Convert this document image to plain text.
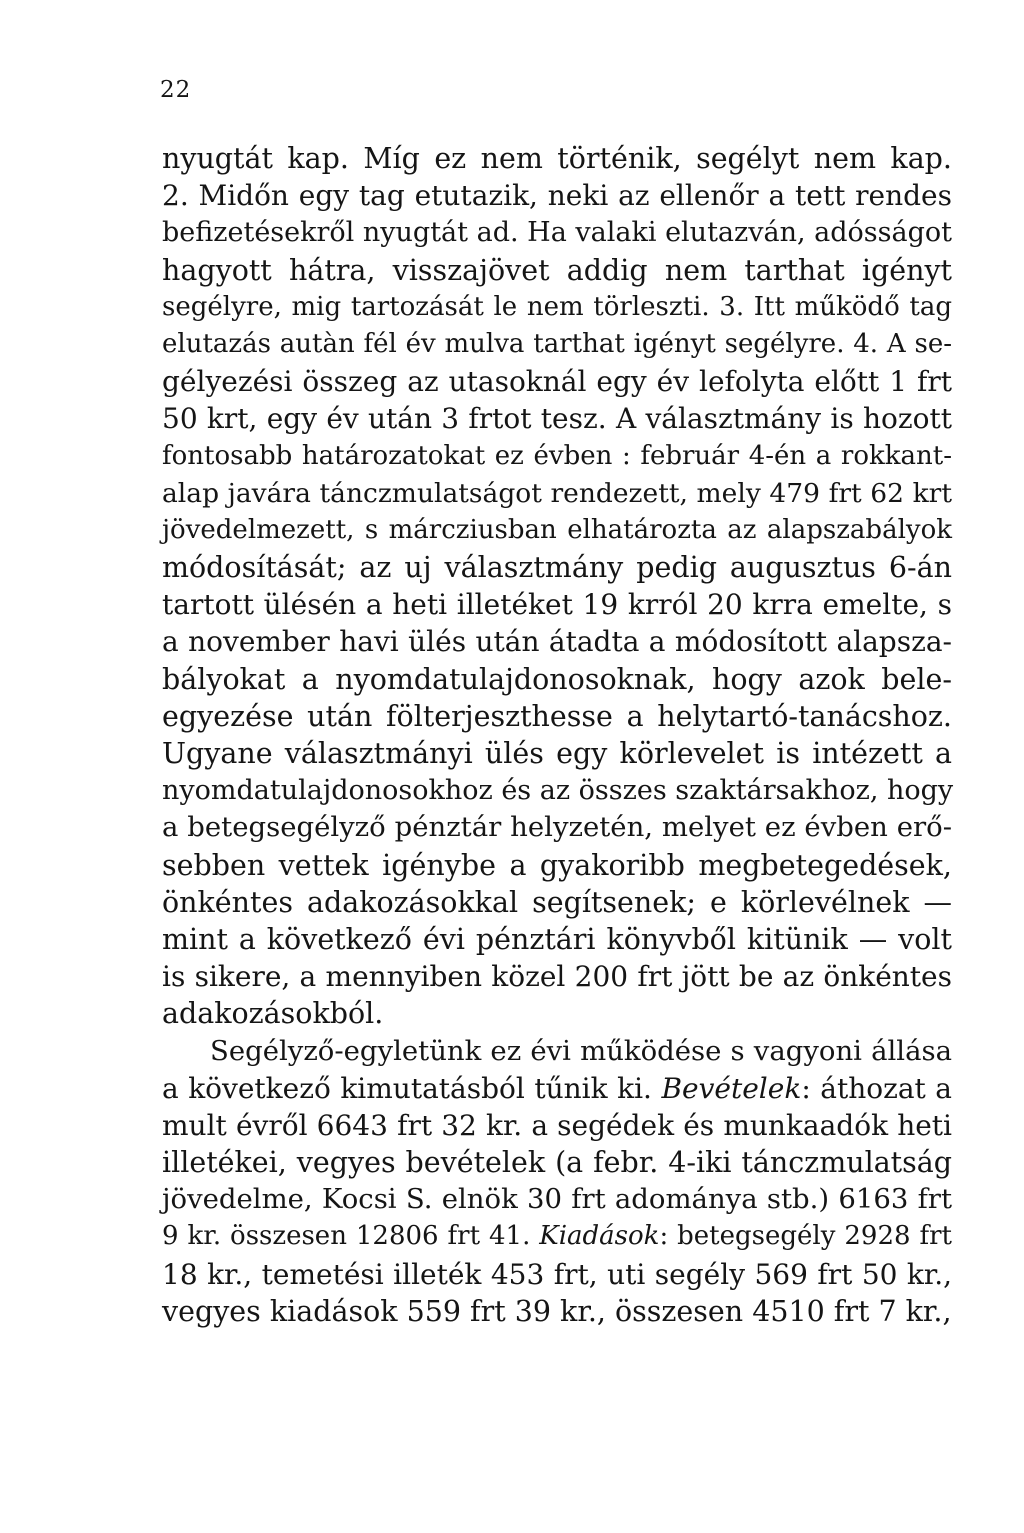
22
nyugtát kap. Míg ez nem történik, segélyt nem kap.
2. Midőn egy tag etutazik, neki az ellenőr a tett rendes
befizetésekről nyugtát ad. Ha valaki elutazván, adósságot
hagyott hátra, visszajövet addig nem tarthat igényt
segélyre, mig tartozását le nem törleszti. 3. Itt működő tag
elutazás autàn fél év mulva tarthat igényt segélyre. 4. A se-
gélyezési összeg az utasoknál egy év lefolyta előtt 1 frt
50 krt, egy év után 3 frtot tesz. A választmány is hozott
fontosabb határozatokat ez évben : február 4-én a rokkant-
alap javára tánczmulatságot rendezett, mely 479 frt 62 krt
jövedelmezett, s márcziusban elhatározta az alapszabályok
módosítását; az uj választmány pedig augusztus 6-án
tartott ülésén a heti illetéket 19 krról 20 krra emelte, s
a november havi ülés után átadta a módosított alapsza-
bályokat a nyomdatulajdonosoknak, hogy azok bele-
egyezése után fölterjeszthesse a helytartó-tanácshoz.
Ugyane választmányi ülés egy körlevelet is intézett a
nyomdatulajdonosokhoz és az összes szaktársakhoz, hogy
a betegsegélyző pénztár helyzetén, melyet ez évben erő-
sebben vettek igénybe a gyakoribb megbetegedések,
önkéntes adakozásokkal segítsenek; e körlevélnek —
mint a következő évi pénztári könyvből kitünik — volt
is sikere, a mennyiben közel 200 frt jött be az önkéntes
adakozásokból.
Segélyző-egyletünk ez évi működése s vagyoni állása
a következő kimutatásból tűnik ki. Bevételek: áthozat a
mult évről 6643 frt 32 kr. a segédek és munkaadók heti
illetékei, vegyes bevételek (a febr. 4-iki tánczmulatság
jövedelme, Kocsi S. elnök 30 frt adománya stb.) 6163 frt
9 kr. összesen 12806 frt 41. Kiadások: betegsegély 2928 frt
18 kr., temetési illeték 453 frt, uti segély 569 frt 50 kr.,
vegyes kiadások 559 frt 39 kr., összesen 4510 frt 7 kr.,
